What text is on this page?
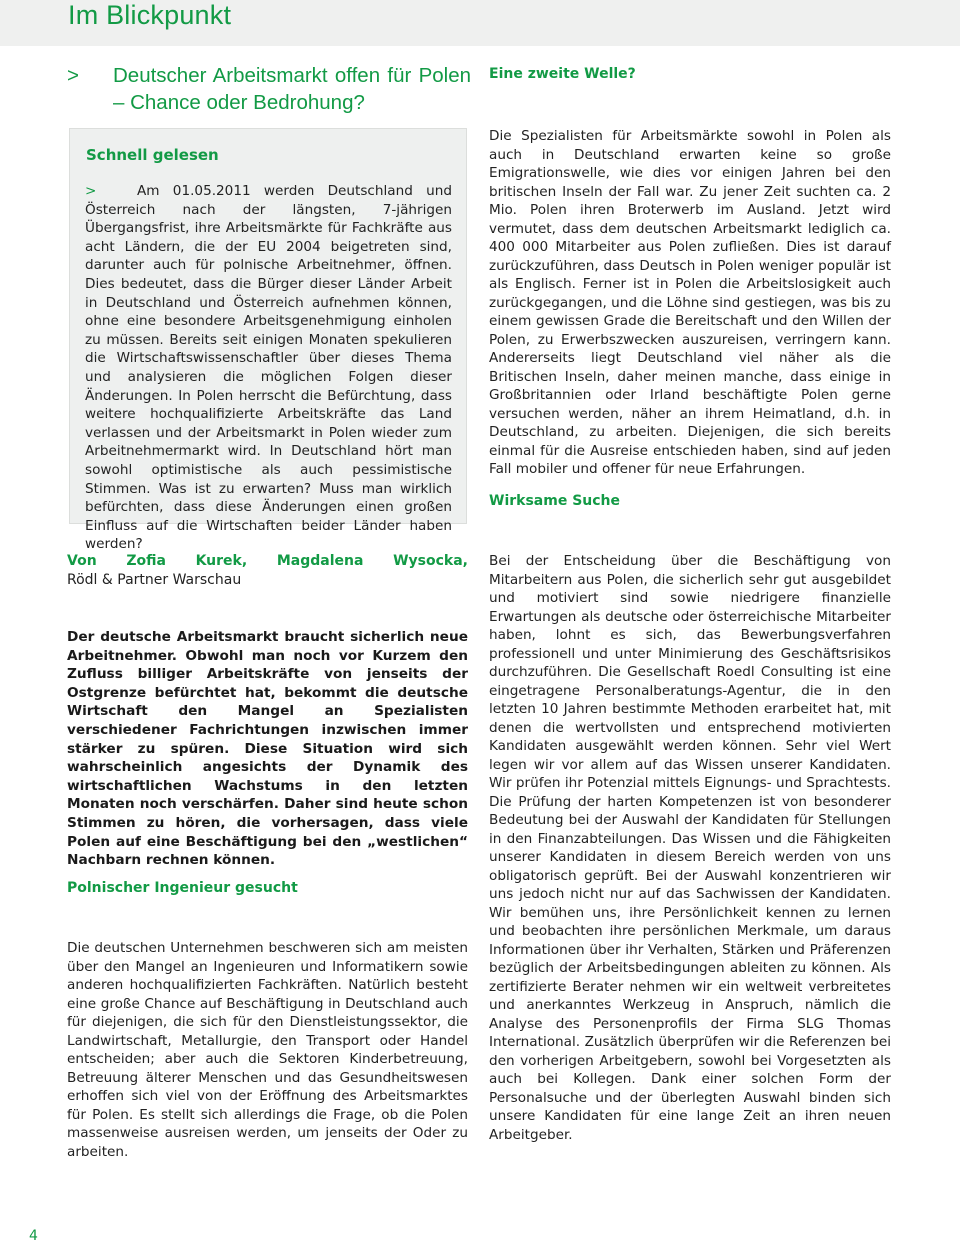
Im Blickpunkt
> Deutscher Arbeitsmarkt offen für Polen – Chance oder Bedrohung?
Schnell gelesen
>	Am 01.05.2011 werden Deutschland und Österreich nach der längsten, 7-jährigen Übergangsfrist, ihre Arbeitsmärkte für Fachkräfte aus acht Ländern, die der EU 2004 beigetreten sind, darunter auch für polnische Arbeitnehmer, öffnen. Dies bedeutet, dass die Bürger dieser Länder Arbeit in Deutschland und Österreich aufnehmen können, ohne eine besondere Arbeitsgenehmigung einholen zu müssen. Bereits seit einigen Monaten spekulieren die Wirtschaftswissenschaftler über dieses Thema und analysieren die möglichen Folgen dieser Änderungen. In Polen herrscht die Befürchtung, dass weitere hochqualifizierte Arbeitskräfte das Land verlassen und der Arbeitsmarkt in Polen wieder zum Arbeitnehmermarkt wird. In Deutschland hört man sowohl optimistische als auch pessimistische Stimmen. Was ist zu erwarten? Muss man wirklich befürchten, dass diese Änderungen einen großen Einfluss auf die Wirtschaften beider Länder haben werden?
Eine zweite Welle?
Die Spezialisten für Arbeitsmärkte sowohl in Polen als auch in Deutschland erwarten keine so große Emigrationswelle, wie dies vor einigen Jahren bei den britischen Inseln der Fall war. Zu jener Zeit suchten ca. 2 Mio. Polen ihren Broterwerb im Ausland. Jetzt wird vermutet, dass dem deutschen Arbeitsmarkt lediglich ca. 400 000 Mitarbeiter aus Polen zufließen. Dies ist darauf zurückzuführen, dass Deutsch in Polen weniger populär ist als Englisch. Ferner ist in Polen die Arbeitslosigkeit auch zurückgegangen, und die Löhne sind gestiegen, was bis zu einem gewissen Grade die Bereitschaft und den Willen der Polen, zu Erwerbszwecken auszureisen, verringern kann. Andererseits liegt Deutschland viel näher als die Britischen Inseln, daher meinen manche, dass einige in Großbritannien oder Irland beschäftigte Polen gerne versuchen werden, näher an ihrem Heimatland, d.h. in Deutschland, zu arbeiten. Diejenigen, die sich bereits einmal für die Ausreise entschieden haben, sind auf jeden Fall mobiler und offener für neue Erfahrungen.
Wirksame Suche
Bei der Entscheidung über die Beschäftigung von Mitarbeitern aus Polen, die sicherlich sehr gut ausgebildet und motiviert sind sowie niedrigere finanzielle Erwartungen als deutsche oder österreichische Mitarbeiter haben, lohnt es sich, das Bewerbungsverfahren professionell und unter Minimierung des Geschäftsrisikos durchzuführen. Die Gesellschaft Roedl Consulting ist eine eingetragene Personalberatungs-Agentur, die in den letzten 10 Jahren bestimmte Methoden erarbeitet hat, mit denen die wertvollsten und entsprechend motivierten Kandidaten ausgewählt werden können. Sehr viel Wert legen wir vor allem auf das Wissen unserer Kandidaten. Wir prüfen ihr Potenzial mittels Eignungs- und Sprachtests. Die Prüfung der harten Kompetenzen ist von besonderer Bedeutung bei der Auswahl der Kandidaten für Stellungen in den Finanzabteilungen. Das Wissen und die Fähigkeiten unserer Kandidaten in diesem Bereich werden von uns obligatorisch geprüft. Bei der Auswahl konzentrieren wir uns jedoch nicht nur auf das Sachwissen der Kandidaten. Wir bemühen uns, ihre Persönlichkeit kennen zu lernen und beobachten ihre persönlichen Merkmale, um daraus Informationen über ihr Verhalten, Stärken und Präferenzen bezüglich der Arbeitsbedingungen ableiten zu können. Als zertifizierte Berater nehmen wir ein weltweit verbreitetes und anerkanntes Werkzeug in Anspruch, nämlich die Analyse des Personenprofils der Firma SLG Thomas International. Zusätzlich überprüfen wir die Referenzen bei den vorherigen Arbeitgebern, sowohl bei Vorgesetzten als auch bei Kollegen. Dank einer solchen Form der Personalsuche und der überlegten Auswahl binden sich unsere Kandidaten für eine lange Zeit an ihren neuen Arbeitgeber.
Von Zofia Kurek, Magdalena Wysocka,
Rödl & Partner Warschau
Der deutsche Arbeitsmarkt braucht sicherlich neue Arbeitnehmer. Obwohl man noch vor Kurzem den Zufluss billiger Arbeitskräfte von jenseits der Ostgrenze befürchtet hat, bekommt die deutsche Wirtschaft den Mangel an Spezialisten verschiedener Fachrichtungen inzwischen immer stärker zu spüren. Diese Situation wird sich wahrscheinlich angesichts der Dynamik des wirtschaftlichen Wachstums in den letzten Monaten noch verschärfen. Daher sind heute schon Stimmen zu hören, die vorhersagen, dass viele Polen auf eine Beschäftigung bei den „westlichen“ Nachbarn rechnen können.
Polnischer Ingenieur gesucht
Die deutschen Unternehmen beschweren sich am meisten über den Mangel an Ingenieuren und Informatikern sowie anderen hochqualifizierten Fachkräften. Natürlich besteht eine große Chance auf Beschäftigung in Deutschland auch für diejenigen, die sich für den Dienstleistungssektor, die Landwirtschaft, Metallurgie, den Transport oder Handel entscheiden; aber auch die Sektoren Kinderbetreuung, Betreuung älterer Menschen und das Gesundheitswesen erhoffen sich viel von der Eröffnung des Arbeitsmarktes für Polen. Es stellt sich allerdings die Frage, ob die Polen massenweise ausreisen werden, um jenseits der Oder zu arbeiten.
4
